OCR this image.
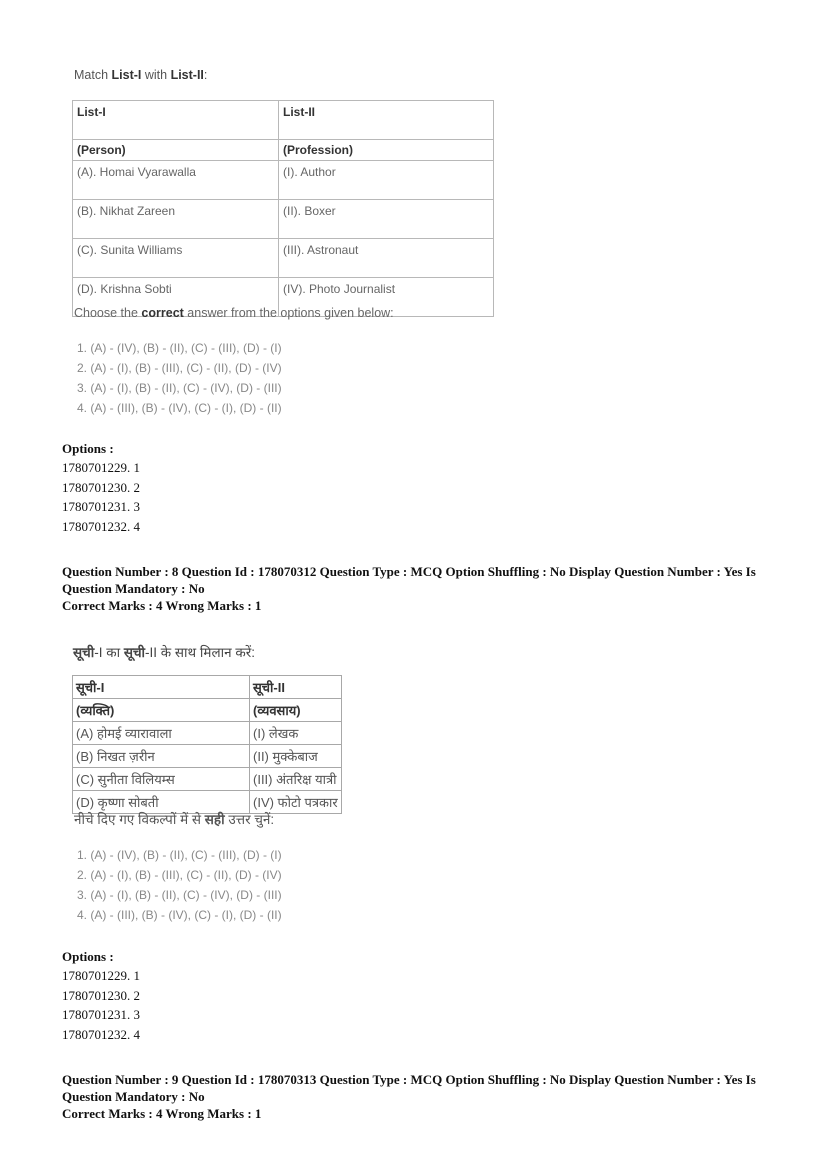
Match List-I with List-II:
List-I	List-II
(Person)	(Profession)
(A). Homai Vyarawalla	(I). Author
(B). Nikhat Zareen	(II). Boxer
(C). Sunita Williams	(III). Astronaut
(D). Krishna Sobti	(IV). Photo Journalist
Choose the correct answer from the options given below:
1. (A) - (IV), (B) - (II), (C) - (III), (D) - (I)
2. (A) - (I), (B) - (III), (C) - (II), (D) - (IV)
3. (A) - (I), (B) - (II), (C) - (IV), (D) - (III)
4. (A) - (III), (B) - (IV), (C) - (I), (D) - (II)
Options :
1780701229. 1
1780701230. 2
1780701231. 3
1780701232. 4
Question Number : 8 Question Id : 178070312 Question Type : MCQ Option Shuffling : No Display Question Number : Yes Is
Question Mandatory : No
Correct Marks : 4 Wrong Marks : 1
सूची-I का सूची-II के साथ मिलान करें:
सूची-I	सूची-II
(व्यक्ति)	(व्यवसाय)
(A) होमई व्यारावाला	(I) लेखक
(B) निखत ज़रीन	(II) मुक्केबाज
(C) सुनीता विलियम्स	(III) अंतरिक्ष यात्री
(D) कृष्णा सोबती	(IV) फोटो पत्रकार
नीचे दिए गए विकल्पों में से सही उत्तर चुनें:
1. (A) - (IV), (B) - (II), (C) - (III), (D) - (I)
2. (A) - (I), (B) - (III), (C) - (II), (D) - (IV)
3. (A) - (I), (B) - (II), (C) - (IV), (D) - (III)
4. (A) - (III), (B) - (IV), (C) - (I), (D) - (II)
Options :
1780701229. 1
1780701230. 2
1780701231. 3
1780701232. 4
Question Number : 9 Question Id : 178070313 Question Type : MCQ Option Shuffling : No Display Question Number : Yes Is
Question Mandatory : No
Correct Marks : 4 Wrong Marks : 1
